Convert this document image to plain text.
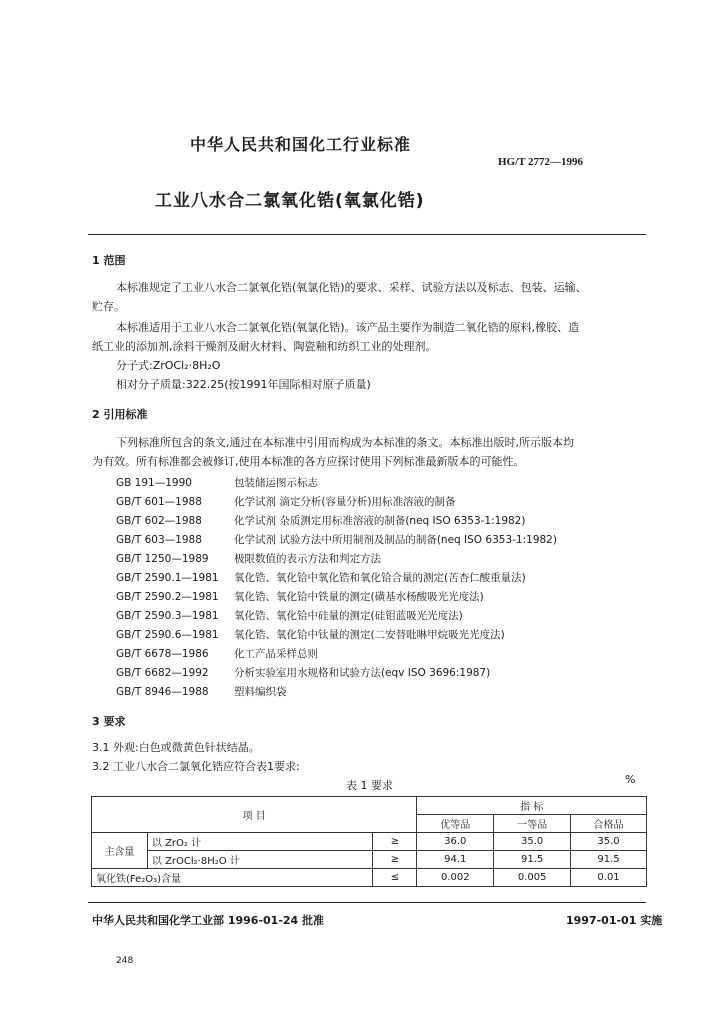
中华人民共和国化工行业标准
HG/T 2772—1996
工业八水合二氯氧化锆(氧氯化锆)
1 范围
本标准规定了工业八水合二氯氧化锆(氧氯化锆)的要求、采样、试验方法以及标志、包装、运输、
贮存。
本标准适用于工业八水合二氯氧化锆(氧氯化锆)。该产品主要作为制造二氧化锆的原料,橡胶、造
纸工业的添加剂,涂料干燥剂及耐火材料、陶瓷釉和纺织工业的处理剂。
分子式:ZrOCl₂·8H₂O
相对分子质量:322.25(按1991年国际相对原子质量)
2 引用标准
下列标准所包含的条文,通过在本标准中引用而构成为本标准的条文。本标准出版时,所示版本均
为有效。所有标准都会被修订,使用本标准的各方应探讨使用下列标准最新版本的可能性。
GB 191—1990	包装储运图示标志
GB/T 601—1988	化学试剂 滴定分析(容量分析)用标准溶液的制备
GB/T 602—1988	化学试剂 杂质测定用标准溶液的制备(neq ISO 6353-1:1982)
GB/T 603—1988	化学试剂 试验方法中所用制剂及制品的制备(neq ISO 6353-1:1982)
GB/T 1250—1989 极限数值的表示方法和判定方法
GB/T 2590.1—1981 氧化锆、氧化铪中氧化锆和氧化铪合量的测定(苦杏仁酸重量法)
GB/T 2590.2—1981 氧化锆、氧化铪中铁量的测定(磺基水杨酸吸光光度法)
GB/T 2590.3—1981 氧化锆、氧化铪中硅量的测定(硅钼蓝吸光光度法)
GB/T 2590.6—1981 氧化锆、氧化铪中钛量的测定(二安替吡啉甲烷吸光光度法)
GB/T 6678—1986 化工产品采样总则
GB/T 6682—1992 分析实验室用水规格和试验方法(eqv ISO 3696:1987)
GB/T 8946—1988 塑料编织袋
3 要求
3.1 外观:白色或微黄色针状结晶。
3.2 工业八水合二氯氧化锆应符合表1要求:
表 1 要求	%
项 目			指 标		
			优等品	一等品	合格品
主含量	以 ZrO₂ 计	≥	36.0	35.0	35.0
	以 ZrOCl₂·8H₂O 计	≥	94.1	91.5	91.5
氧化铁(Fe₂O₃)含量		≤	0.002	0.005	0.01
中华人民共和国化学工业部 1996-01-24 批准	1997-01-01 实施
248
